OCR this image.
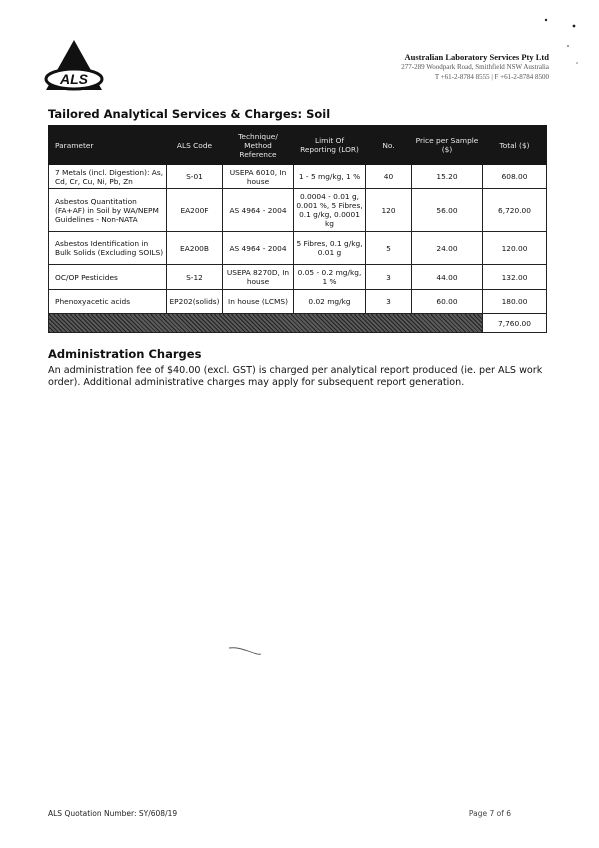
ALS
Australian Laboratory Services Pty Ltd
277-289 Woodpark Road, Smithfield NSW Australia
T +61-2-8784 8555 | F +61-2-8784 8500
Tailored Analytical Services & Charges: Soil
Parameter	ALS Code	Technique/ Method Reference	Limit Of Reporting (LOR)	No.	Price per Sample ($)	Total ($)
7 Metals (incl. Digestion): As, Cd, Cr, Cu, Ni, Pb, Zn	S-01	USEPA 6010, In house	1 - 5 mg/kg, 1 %	40	15.20	608.00
Asbestos Quantitation (FA+AF) in Soil by WA/NEPM Guidelines - Non-NATA	EA200F	AS 4964 - 2004	0.0004 - 0.01 g, 0.001 %, 5 Fibres, 0.1 g/kg, 0.0001 kg	120	56.00	6,720.00
Asbestos Identification in Bulk Solids (Excluding SOILS)	EA200B	AS 4964 - 2004	5 Fibres, 0.1 g/kg, 0.01 g	5	24.00	120.00
OC/OP Pesticides	S-12	USEPA 8270D, In house	0.05 - 0.2 mg/kg, 1 %	3	44.00	132.00
Phenoxyacetic acids	EP202(solids)	In house (LCMS)	0.02 mg/kg	3	60.00	180.00
						7,760.00
Administration Charges
An administration fee of $40.00 (excl. GST) is charged per analytical report produced (ie. per ALS work order). Additional administrative charges may apply for subsequent report generation.
ALS Quotation Number: SY/608/19	Page 7 of 6
